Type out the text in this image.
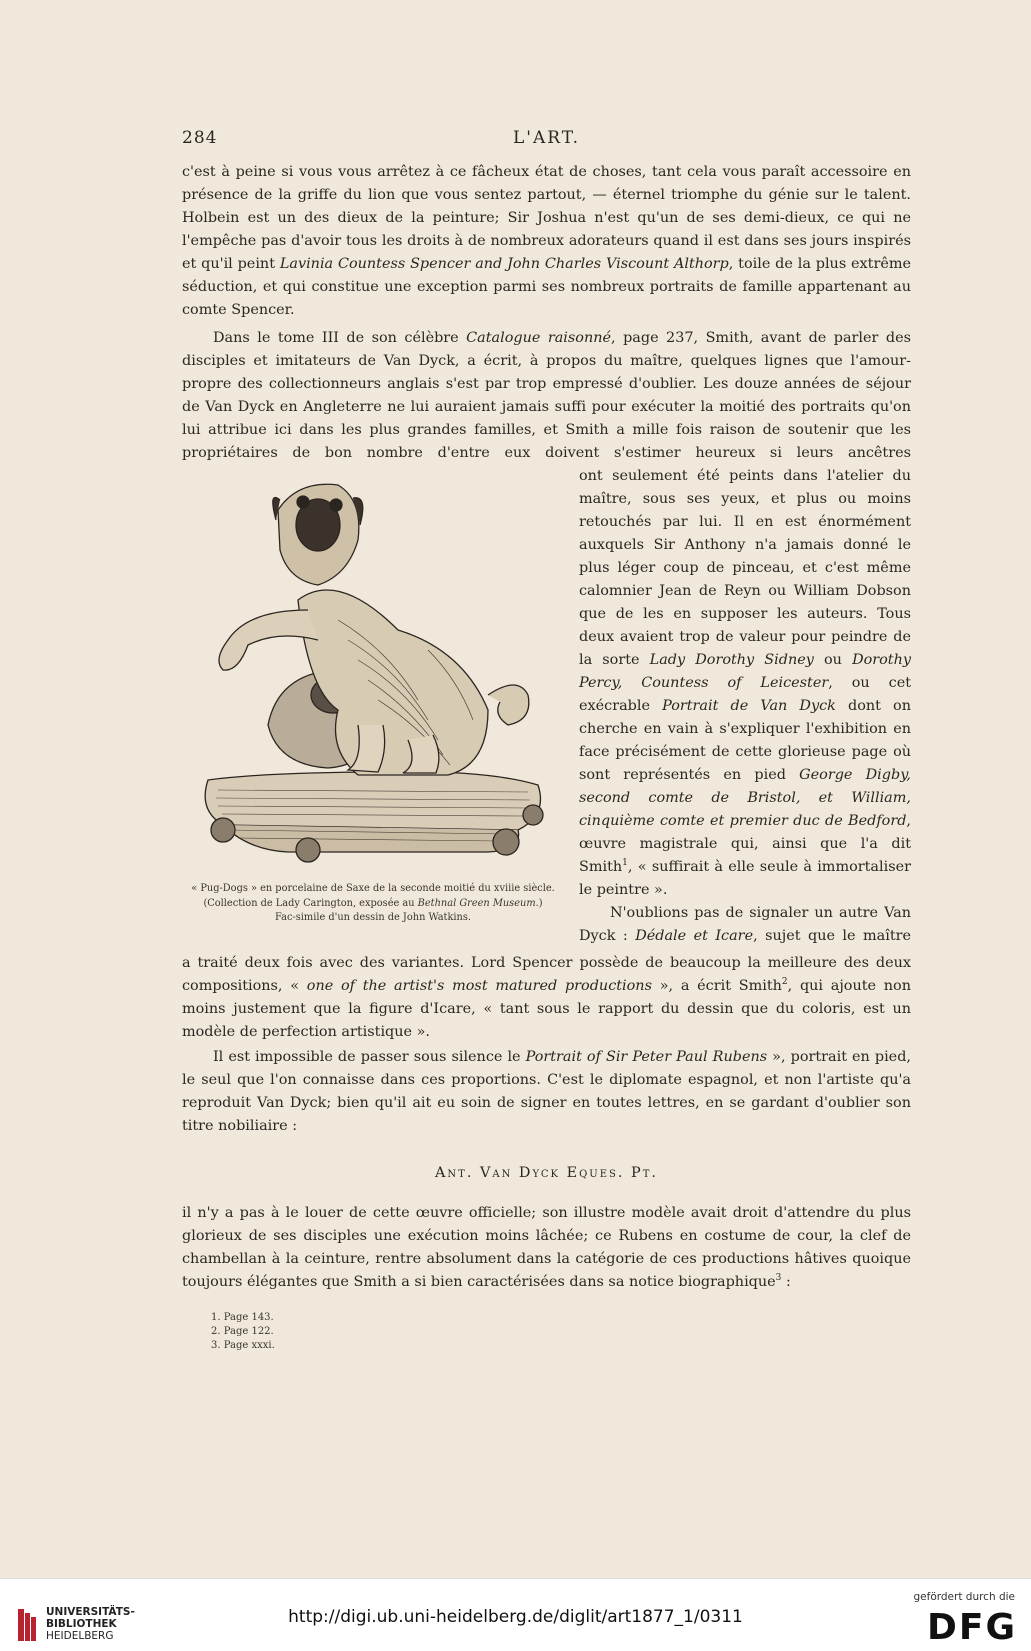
284	L'ART.

c'est à peine si vous vous arrêtez à ce fâcheux état de choses, tant cela vous paraît accessoire en présence de la griffe du lion que vous sentez partout, — éternel triomphe du génie sur le talent. Holbein est un des dieux de la peinture; Sir Joshua n'est qu'un de ses demi-dieux, ce qui ne l'empêche pas d'avoir tous les droits à de nombreux adorateurs quand il est dans ses jours inspirés et qu'il peint Lavinia Countess Spencer and John Charles Viscount Althorp, toile de la plus extrême séduction, et qui constitue une exception parmi ses nombreux portraits de famille appartenant au comte Spencer.

Dans le tome III de son célèbre Catalogue raisonné, page 237, Smith, avant de parler des disciples et imitateurs de Van Dyck, a écrit, à propos du maître, quelques lignes que l'amour-propre des collectionneurs anglais s'est par trop empressé d'oublier. Les douze années de séjour de Van Dyck en Angleterre ne lui auraient jamais suffi pour exécuter la moitié des portraits qu'on lui attribue ici dans les plus grandes familles, et Smith a mille fois raison de soutenir que les propriétaires de bon nombre d'entre eux doivent s'estimer heureux si leurs ancêtres

ont seulement été peints dans l'atelier du maître, sous ses yeux, et plus ou moins retouchés par lui. Il en est énormément auxquels Sir Anthony n'a jamais donné le plus léger coup de pinceau, et c'est même calomnier Jean de Reyn ou William Dobson que de les en supposer les auteurs. Tous deux avaient trop de valeur pour peindre de la sorte Lady Dorothy Sidney ou Dorothy Percy, Countess of Leicester, ou cet exécrable Portrait de Van Dyck dont on cherche en vain à s'expliquer l'exhibition en face précisément de cette glorieuse page où sont représentés en pied George Digby, second comte de Bristol, et William, cinquième comte et premier duc de Bedford, œuvre magistrale qui, ainsi que l'a dit Smith$^1$, « suffirait à elle seule à immortaliser le peintre ».

N'oublions pas de signaler un autre Van Dyck : Dédale et Icare, sujet que le maître

« Pug-Dogs » en porcelaine de Saxe de la seconde moitié du xviiie siècle.
(Collection de Lady Carington, exposée au Bethnal Green Museum.)
Fac-simile d'un dessin de John Watkins.

a traité deux fois avec des variantes. Lord Spencer possède de beaucoup la meilleure des deux compositions, « one of the artist's most matured productions », a écrit Smith$^2$, qui ajoute non moins justement que la figure d'Icare, « tant sous le rapport du dessin que du coloris, est un modèle de perfection artistique ».

Il est impossible de passer sous silence le Portrait of Sir Peter Paul Rubens », portrait en pied, le seul que l'on connaisse dans ces proportions. C'est le diplomate espagnol, et non l'artiste qu'a reproduit Van Dyck; bien qu'il ait eu soin de signer en toutes lettres, en se gardant d'oublier son titre nobiliaire :

Ant. Van Dyck Eques. Pt.

il n'y a pas à le louer de cette œuvre officielle; son illustre modèle avait droit d'attendre du plus glorieux de ses disciples une exécution moins lâchée; ce Rubens en costume de cour, la clef de chambellan à la ceinture, rentre absolument dans la catégorie de ces productions hâtives quoique toujours élégantes que Smith a si bien caractérisées dans sa notice biographique$^3$ :

1. Page 143.
2. Page 122.
3. Page xxxi.
UNIVERSITÄTS-
BIBLIOTHEK
HEIDELBERG
http://digi.ub.uni-heidelberg.de/diglit/art1877_1/0311
gefördert durch die
DFG
